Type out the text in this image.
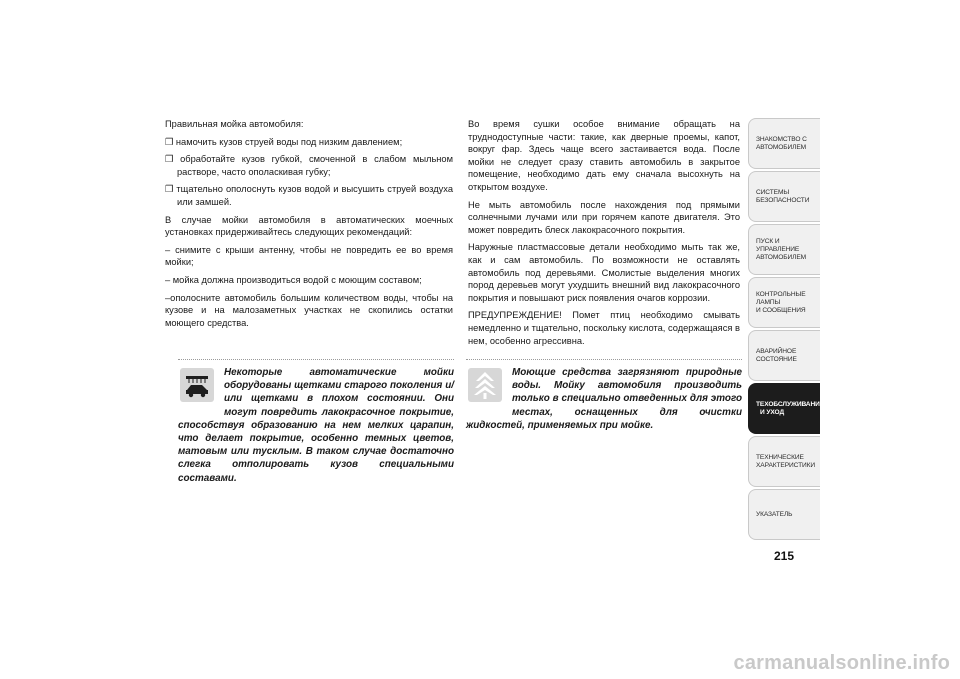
Правильная мойка автомобиля:

❒ намочить кузов струей воды под низким давлением;

❒ обработайте кузов губкой, смоченной в слабом мыльном растворе, часто ополаскивая губку;

❒ тщательно ополоснуть кузов водой и высушить струей воздуха или замшей.

В случае мойки автомобиля в автоматических моечных установках придерживайтесь следующих рекомендаций:

– снимите с крыши антенну, чтобы не повредить ее во время мойки;

– мойка должна производиться водой с моющим составом;

–ополосните автомобиль большим количеством воды, чтобы на кузове и на малозаметных участках не скопились остатки моющего средства.

Во время сушки особое внимание обращать на труднодоступные части: такие, как дверные проемы, капот, вокруг фар. Здесь чаще всего застаивается вода. После мойки не следует сразу ставить автомобиль в закрытое помещение, необходимо дать ему сначала высохнуть на открытом воздухе.

Не мыть автомобиль после нахождения под прямыми солнечными лучами или при горячем капоте двигателя. Это может повредить блеск лакокрасочного покрытия.

Наружные пластмассовые детали необходимо мыть так же, как и сам автомобиль. По возможности не оставлять автомобиль под деревьями. Смолистые выделения многих пород деревьев могут ухудшить внешний вид лакокрасочного покрытия и повышают риск появления очагов коррозии.

ПРЕДУПРЕЖДЕНИЕ! Помет птиц необходимо смывать немедленно и тщательно, поскольку кислота, содержащаяся в нем, особенно агрессивна.

Некоторые автоматические мойки оборудованы щетками старого поколения и/или щетками в плохом состоянии. Они могут повредить лакокрасочное покрытие, способствуя образованию на нем мелких царапин, что делает покрытие, особенно темных цветов, матовым или тусклым. В таком случае достаточно слегка отполировать кузов специальными составами.

Моющие средства загрязняют природные воды. Мойку автомобиля производить только в специально отведенных для этого местах, оснащенных для очистки жидкостей, применяемых при мойке.

ЗНАКОМСТВО С
АВТОМОБИЛЕМ
СИСТЕМЫ
БЕЗОПАСНОСТИ
ПУСК И УПРАВЛЕНИЕ
АВТОМОБИЛЕМ
КОНТРОЛЬНЫЕ
ЛАМПЫ
И СООБЩЕНИЯ
АВАРИЙНОЕ
СОСТОЯНИЕ
ТЕХОБСЛУЖИВАНИЕ
И УХОД
ТЕХНИЧЕСКИЕ
ХАРАКТЕРИСТИКИ
УКАЗАТЕЛЬ
215
carmanualsonline.info
